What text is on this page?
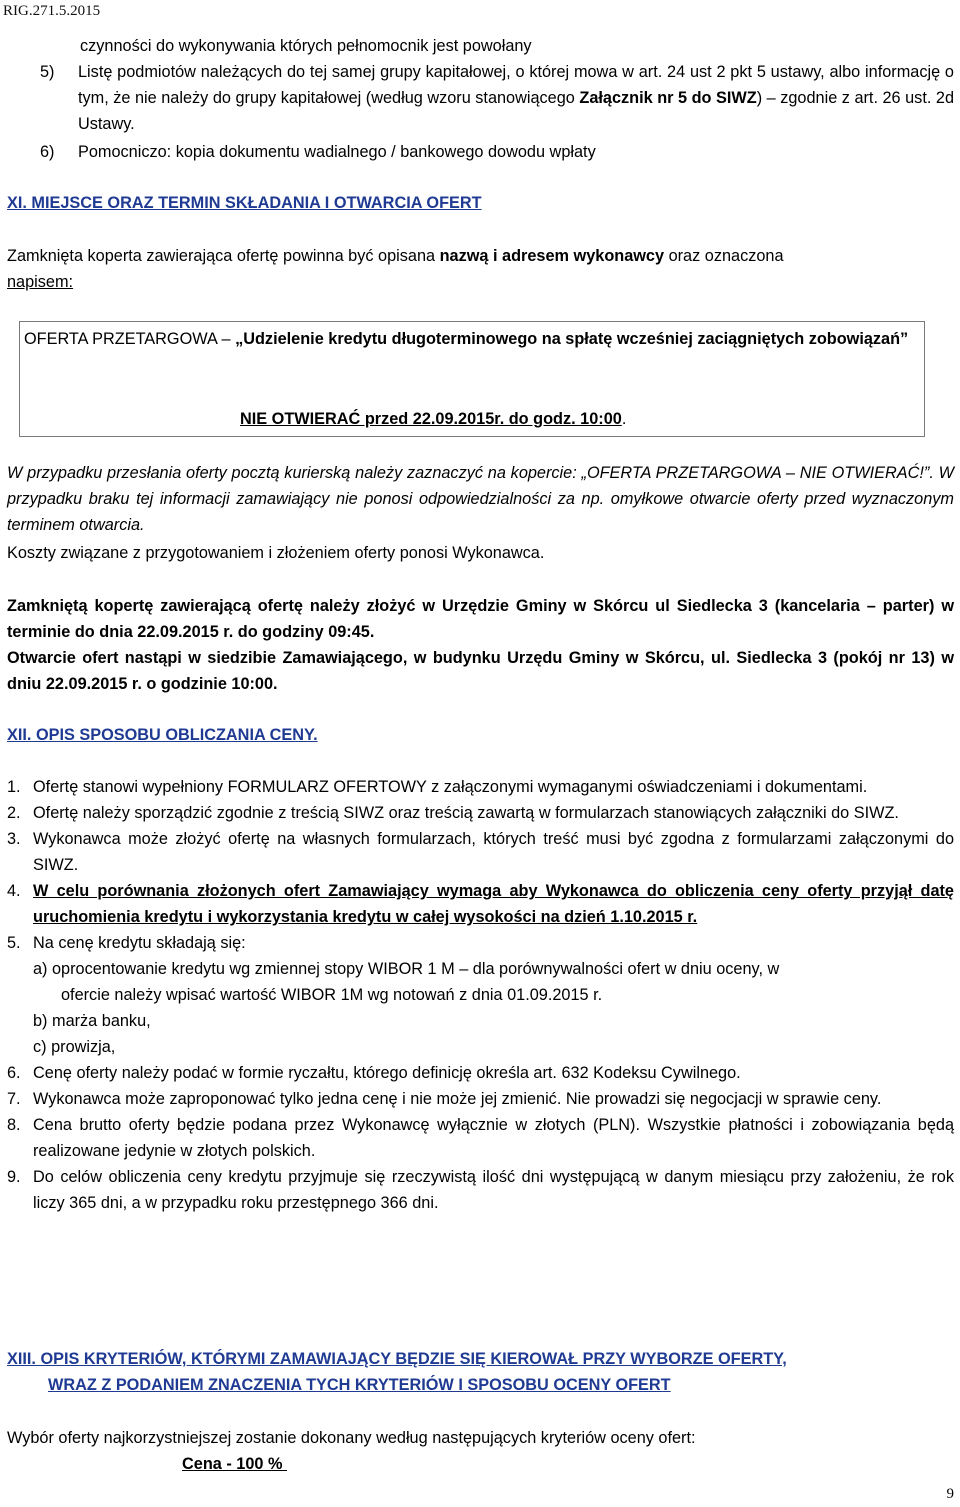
RIG.271.5.2015
czynności do wykonywania których pełnomocnik jest powołany
5) Listę podmiotów należących do tej samej grupy kapitałowej, o której mowa w art. 24 ust 2 pkt 5 ustawy, albo informację o tym, że nie należy do grupy kapitałowej (według wzoru stanowiącego Załącznik nr 5 do SIWZ) – zgodnie z art. 26 ust. 2d Ustawy.
6) Pomocniczo: kopia dokumentu wadialnego / bankowego dowodu wpłaty
XI. MIEJSCE ORAZ TERMIN SKŁADANIA I OTWARCIA OFERT
Zamknięta koperta zawierająca ofertę powinna być opisana nazwą i adresem wykonawcy oraz oznaczona
napisem:
OFERTA PRZETARGOWA – „Udzielenie kredytu długoterminowego na spłatę wcześniej zaciągniętych zobowiązań”
NIE OTWIERAĆ przed 22.09.2015r. do godz. 10:00.
W przypadku przesłania oferty pocztą kurierską należy zaznaczyć na kopercie: „OFERTA PRZETARGOWA – NIE OTWIERAĆ!”. W przypadku braku tej informacji zamawiający nie ponosi odpowiedzialności za np. omyłkowe otwarcie oferty przed wyznaczonym terminem otwarcia.
Koszty związane z przygotowaniem i złożeniem oferty ponosi Wykonawca.
Zamkniętą kopertę zawierającą ofertę należy złożyć w Urzędzie Gminy w Skórcu ul Siedlecka 3 (kancelaria – parter) w terminie do dnia 22.09.2015 r. do godziny 09:45.
Otwarcie ofert nastąpi w siedzibie Zamawiającego, w budynku Urzędu Gminy w Skórcu, ul. Siedlecka 3 (pokój nr 13) w dniu 22.09.2015 r. o godzinie 10:00.
XII. OPIS SPOSOBU OBLICZANIA CENY.
1. Ofertę stanowi wypełniony FORMULARZ OFERTOWY z załączonymi wymaganymi oświadczeniami i dokumentami.
2. Ofertę należy sporządzić zgodnie z treścią SIWZ oraz treścią zawartą w formularzach stanowiących załączniki do SIWZ.
3. Wykonawca może złożyć ofertę na własnych formularzach, których treść musi być zgodna z formularzami załączonymi do SIWZ.
4. W celu porównania złożonych ofert Zamawiający wymaga aby Wykonawca do obliczenia ceny oferty przyjął datę uruchomienia kredytu i wykorzystania kredytu w całej wysokości na dzień 1.10.2015 r.
5. Na cenę kredytu składają się:
a) oprocentowanie kredytu wg zmiennej stopy WIBOR 1 M – dla porównywalności ofert w dniu oceny, w
ofercie należy wpisać wartość WIBOR 1M wg notowań z dnia 01.09.2015 r.
b) marża banku,
c) prowizja,
6. Cenę oferty należy podać w formie ryczałtu, którego definicję określa art. 632 Kodeksu Cywilnego.
7. Wykonawca może zaproponować tylko jedna cenę i nie może jej zmienić. Nie prowadzi się negocjacji w sprawie ceny.
8. Cena brutto oferty będzie podana przez Wykonawcę wyłącznie w złotych (PLN). Wszystkie płatności i zobowiązania będą realizowane jedynie w złotych polskich.
9. Do celów obliczenia ceny kredytu przyjmuje się rzeczywistą ilość dni występującą w danym miesiącu przy założeniu, że rok liczy 365 dni, a w przypadku roku przestępnego 366 dni.
XIII. OPIS KRYTERIÓW, KTÓRYMI ZAMAWIAJĄCY BĘDZIE SIĘ KIEROWAŁ PRZY WYBORZE OFERTY,
WRAZ Z PODANIEM ZNACZENIA TYCH KRYTERIÓW I SPOSOBU OCENY OFERT
Wybór oferty najkorzystniejszej zostanie dokonany według następujących kryteriów oceny ofert:
Cena - 100 %
9
